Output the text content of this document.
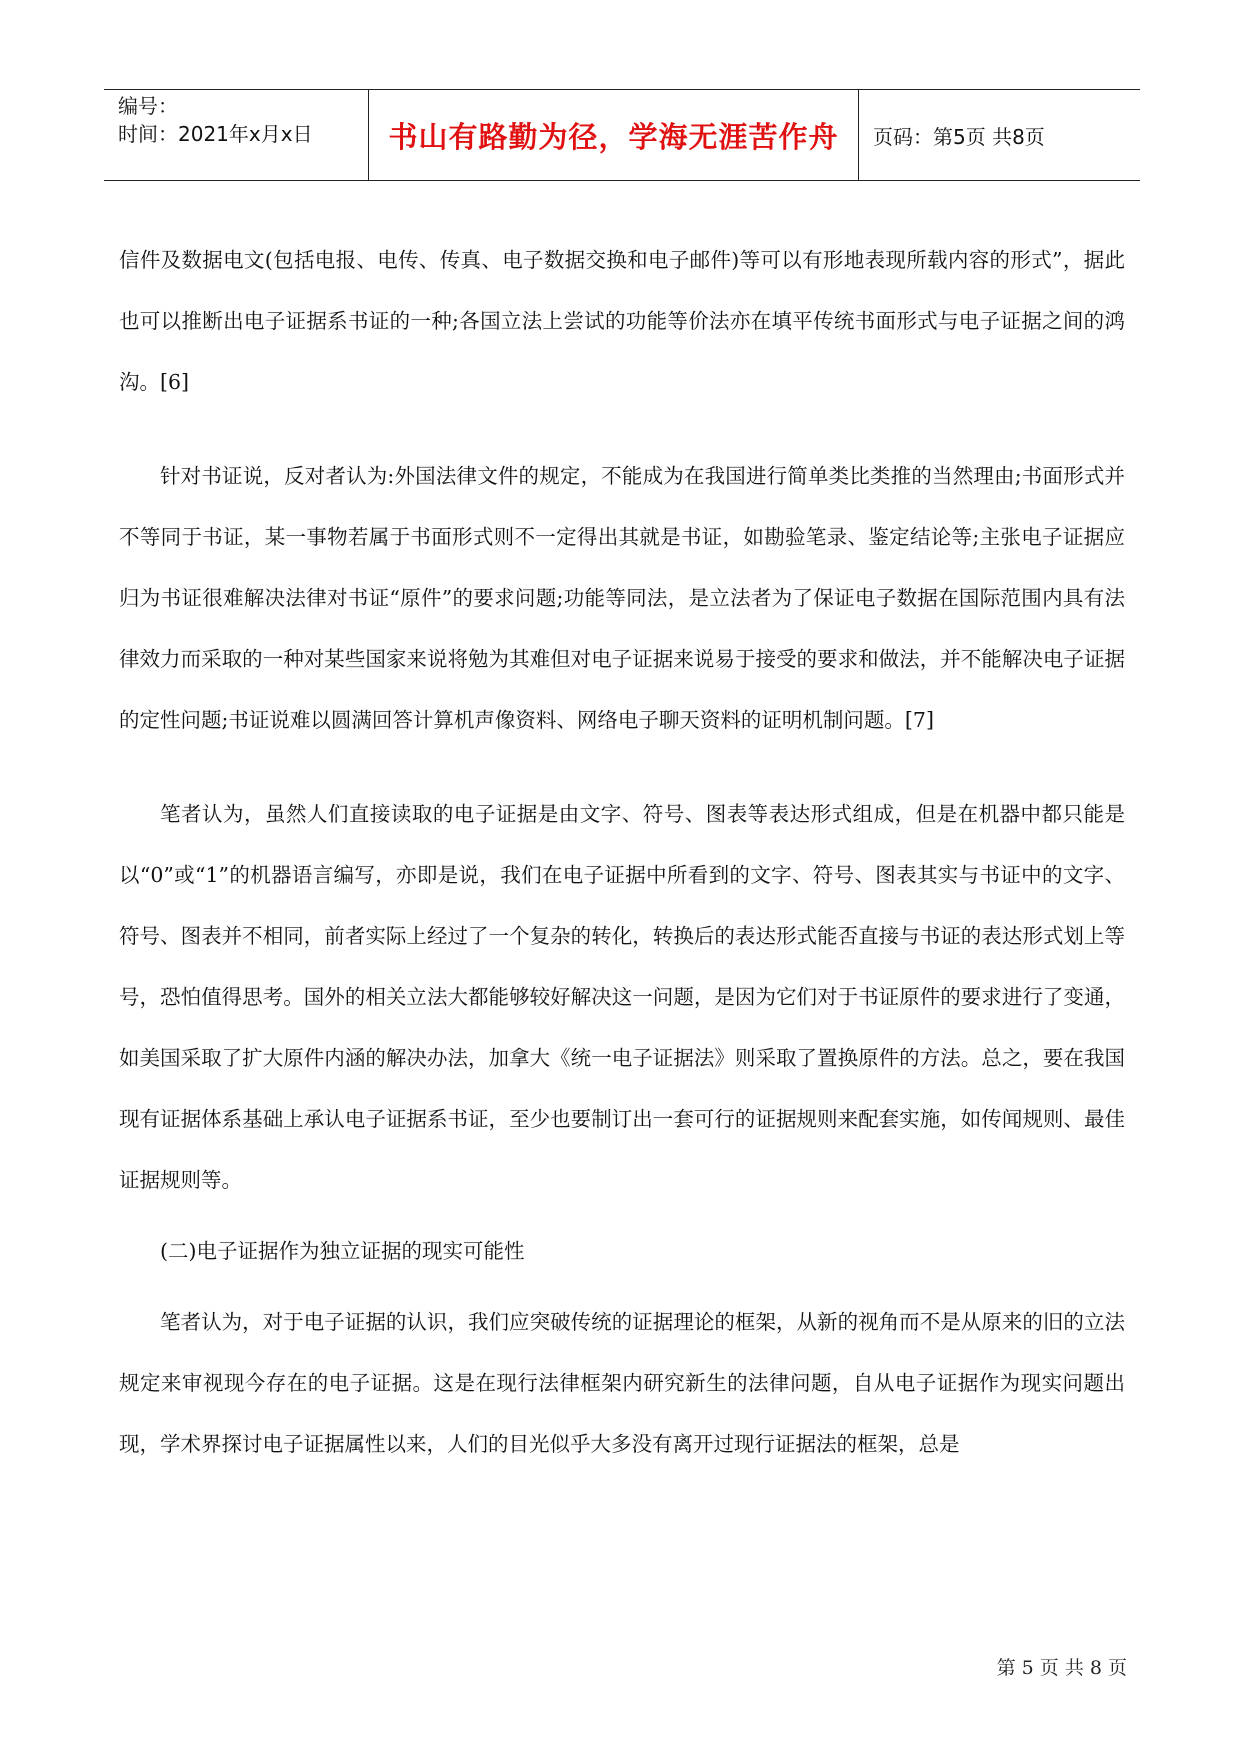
编号：
时间：2021年x月x日	书山有路勤为径，学海无涯苦作舟 页码：第5页 共8页

信件及数据电文(包括电报、电传、传真、电子数据交换和电子邮件)等可以有形地表现所载内容的形式”，据此也可以推断出电子证据系书证的一种;各国立法上尝试的功能等价法亦在填平传统书面形式与电子证据之间的鸿沟。[6]

针对书证说，反对者认为:外国法律文件的规定，不能成为在我国进行简单类比类推的当然理由;书面形式并不等同于书证，某一事物若属于书面形式则不一定得出其就是书证，如勘验笔录、鉴定结论等;主张电子证据应归为书证很难解决法律对书证“原件”的要求问题;功能等同法，是立法者为了保证电子数据在国际范围内具有法律效力而采取的一种对某些国家来说将勉为其难但对电子证据来说易于接受的要求和做法，并不能解决电子证据的定性问题;书证说难以圆满回答计算机声像资料、网络电子聊天资料的证明机制问题。[7]

笔者认为，虽然人们直接读取的电子证据是由文字、符号、图表等表达形式组成，但是在机器中都只能是以“0”或“1”的机器语言编写，亦即是说，我们在电子证据中所看到的文字、符号、图表其实与书证中的文字、符号、图表并不相同，前者实际上经过了一个复杂的转化，转换后的表达形式能否直接与书证的表达形式划上等号，恐怕值得思考。国外的相关立法大都能够较好解决这一问题，是因为它们对于书证原件的要求进行了变通，如美国采取了扩大原件内涵的解决办法，加拿大《统一电子证据法》则采取了置换原件的方法。总之，要在我国现有证据体系基础上承认电子证据系书证，至少也要制订出一套可行的证据规则来配套实施，如传闻规则、最佳证据规则等。

(二)电子证据作为独立证据的现实可能性

笔者认为，对于电子证据的认识，我们应突破传统的证据理论的框架，从新的视角而不是从原来的旧的立法规定来审视现今存在的电子证据。这是在现行法律框架内研究新生的法律问题，自从电子证据作为现实问题出现，学术界探讨电子证据属性以来，人们的目光似乎大多没有离开过现行证据法的框架，总是

第 5 页 共 8 页
